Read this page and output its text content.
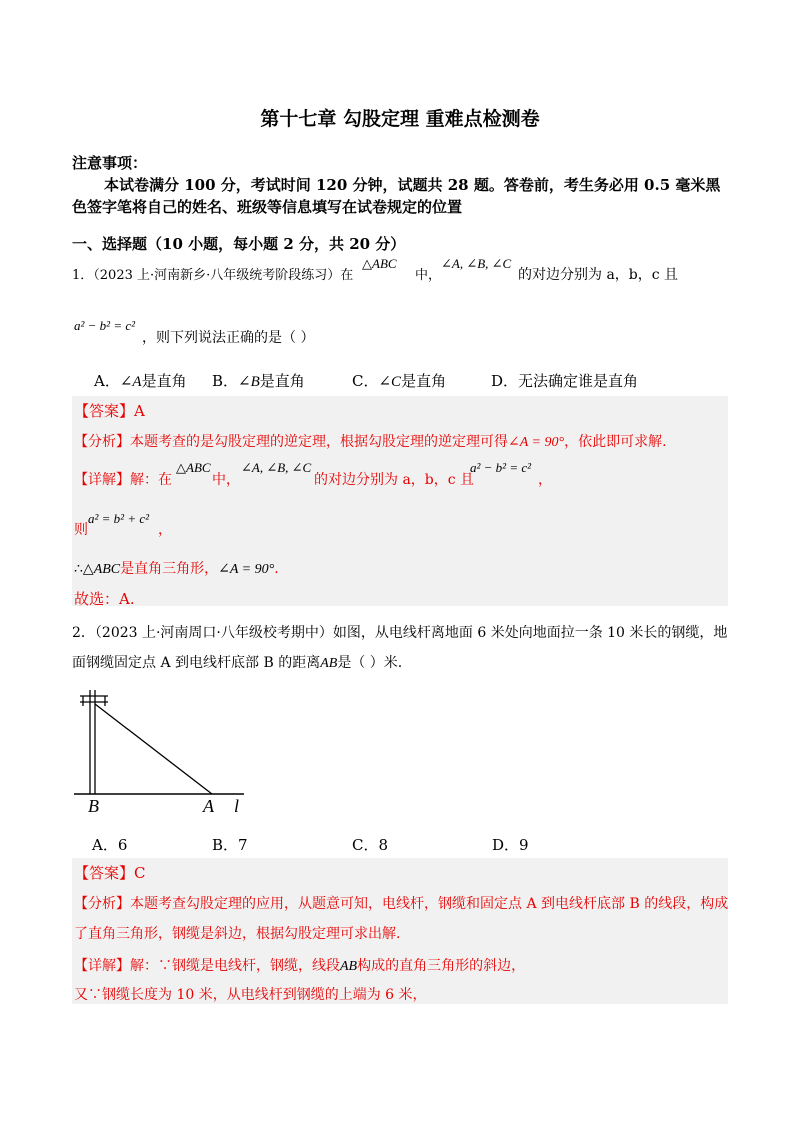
第十七章 勾股定理 重难点检测卷
注意事项：
本试卷满分 100 分，考试时间 120 分钟，试题共 28 题。答卷前，考生务必用 0.5 毫米黑
色签字笔将自己的姓名、班级等信息填写在试卷规定的位置
一、选择题（10 小题，每小题 2 分，共 20 分）
1．（2023 上·河南新乡·八年级统考阶段练习）在
△ABC
中，
∠A, ∠B, ∠C
的对边分别为 a，b，c 且
a² − b² = c²
，则下列说法正确的是（ ）
A．∠A是直角 B．∠B是直角	C．∠C是直角	D．无法确定谁是直角
【答案】A
【分析】本题考查的是勾股定理的逆定理，根据勾股定理的逆定理可得∠A = 90°，依此即可求解.
【详解】解：在
△ABC
中，
∠A, ∠B, ∠C
的对边分别为 a，b，c 且
a² − b² = c²
，
则
a² = b² + c²
，
∴△ABC是直角三角形，∠A = 90°.
故选：A.
2．（2023 上·河南周口·八年级校考期中）如图，从电线杆离地面 6 米处向地面拉一条 10 米长的钢缆，地
面钢缆固定点 A 到电线杆底部 B 的距离AB是（ ）米.
B	A l
A．6	B．7	C．8	D．9
【答案】C
【分析】本题考查勾股定理的应用，从题意可知，电线杆，钢缆和固定点 A 到电线杆底部 B 的线段，构成
了直角三角形，钢缆是斜边，根据勾股定理可求出解.
【详解】解：∵钢缆是电线杆，钢缆，线段AB构成的直角三角形的斜边，
又∵钢缆长度为 10 米，从电线杆到钢缆的上端为 6 米，
